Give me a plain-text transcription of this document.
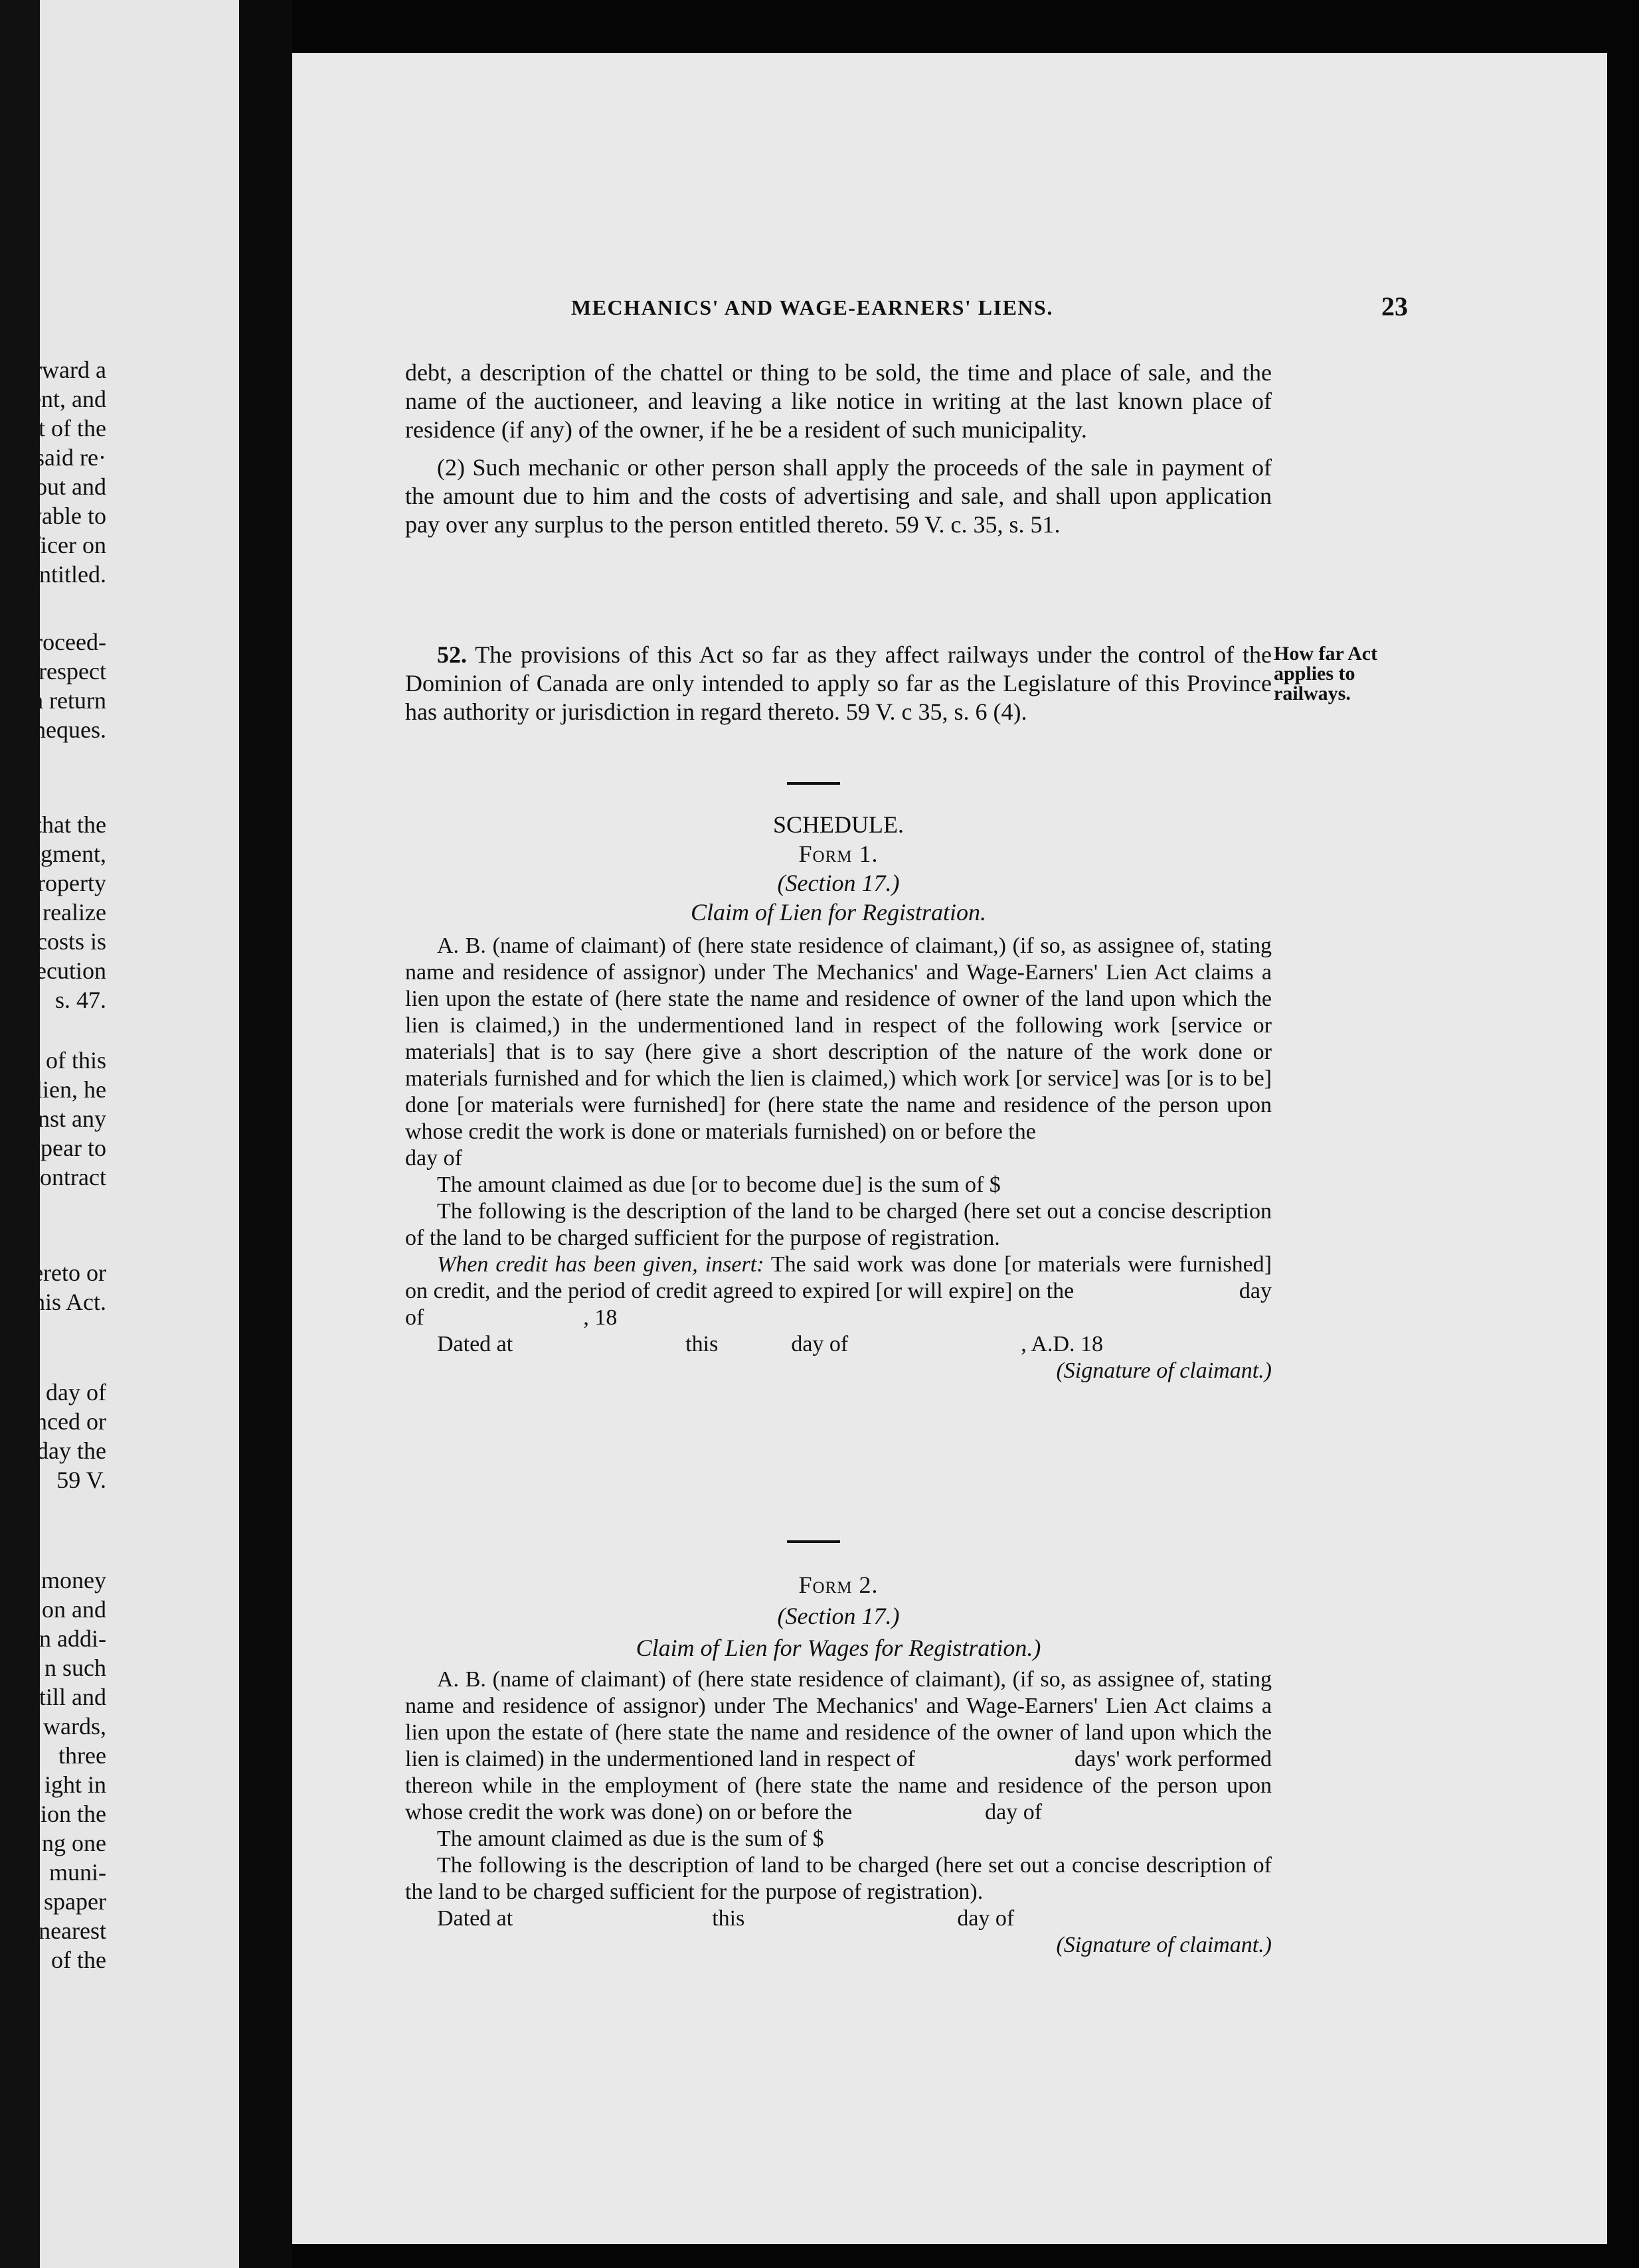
orward a
nent, and
nt of the
said re·
e out and
ayable to
officer on
entitled.
proceed-
n respect
a return
cheques.
that the
dgment,
property
o realize
l costs is
xecution
s. 47.
s of this
lien, he
nst any
ppear to
contract
ereto or
his Act.
day of
nced or
day the
59 V.
money
on and
n addi-
n such
till and
wards,
three
ight in
ion the
ng one
muni-
spaper
nearest
of the
MECHANICS' AND WAGE-EARNERS' LIENS.	23

debt, a description of the chattel or thing to be sold, the time and place of sale, and the name of the auctioneer, and leaving a like notice in writing at the last known place of residence (if any) of the owner, if he be a resident of such municipality.

(2) Such mechanic or other person shall apply the proceeds of the sale in payment of the amount due to him and the costs of advertising and sale, and shall upon application pay over any surplus to the person entitled thereto. 59 V. c. 35, s. 51.

52. The provisions of this Act so far as they affect railways under the control of the Dominion of Canada are only intended to apply so far as the Legislature of this Province has authority or jurisdiction in regard thereto. 59 V. c 35, s. 6 (4).

How far Act applies to railways.
SCHEDULE.
Form 1.
(Section 17.)
Claim of Lien for Registration.

A. B. (name of claimant) of (here state residence of claimant,) (if so, as assignee of, stating name and residence of assignor) under The Mechanics' and Wage-Earners' Lien Act claims a lien upon the estate of (here state the name and residence of owner of the land upon which the lien is claimed,) in the undermentioned land in respect of the following work [service or materials] that is to say (here give a short description of the nature of the work done or materials furnished and for which the lien is claimed,) which work [or service] was [or is to be] done [or materials were furnished] for (here state the name and residence of the person upon whose credit the work is done or materials furnished) on or before the

day of

The amount claimed as due [or to become due] is the sum of $

The following is the description of the land to be charged (here set out a concise description of the land to be charged sufficient for the purpose of registration.

When credit has been given, insert: The said work was done [or materials were furnished] on credit, and the period of credit agreed to expired [or will expire] on the	day of	, 18

Dated at	this	day of	, A.D. 18

(Signature of claimant.)

Form 2.
(Section 17.)
Claim of Lien for Wages for Registration.)

A. B. (name of claimant) of (here state residence of claimant), (if so, as assignee of, stating name and residence of assignor) under The Mechanics' and Wage-Earners' Lien Act claims a lien upon the estate of (here state the name and residence of the owner of land upon which the lien is claimed) in the undermentioned land in respect of	days' work performed thereon while in the employment of (here state the name and residence of the person upon whose credit the work was done) on or before the	day of

The amount claimed as due is the sum of $

The following is the description of land to be charged (here set out a concise description of the land to be charged sufficient for the purpose of registration).

Dated at	this	day of

(Signature of claimant.)
